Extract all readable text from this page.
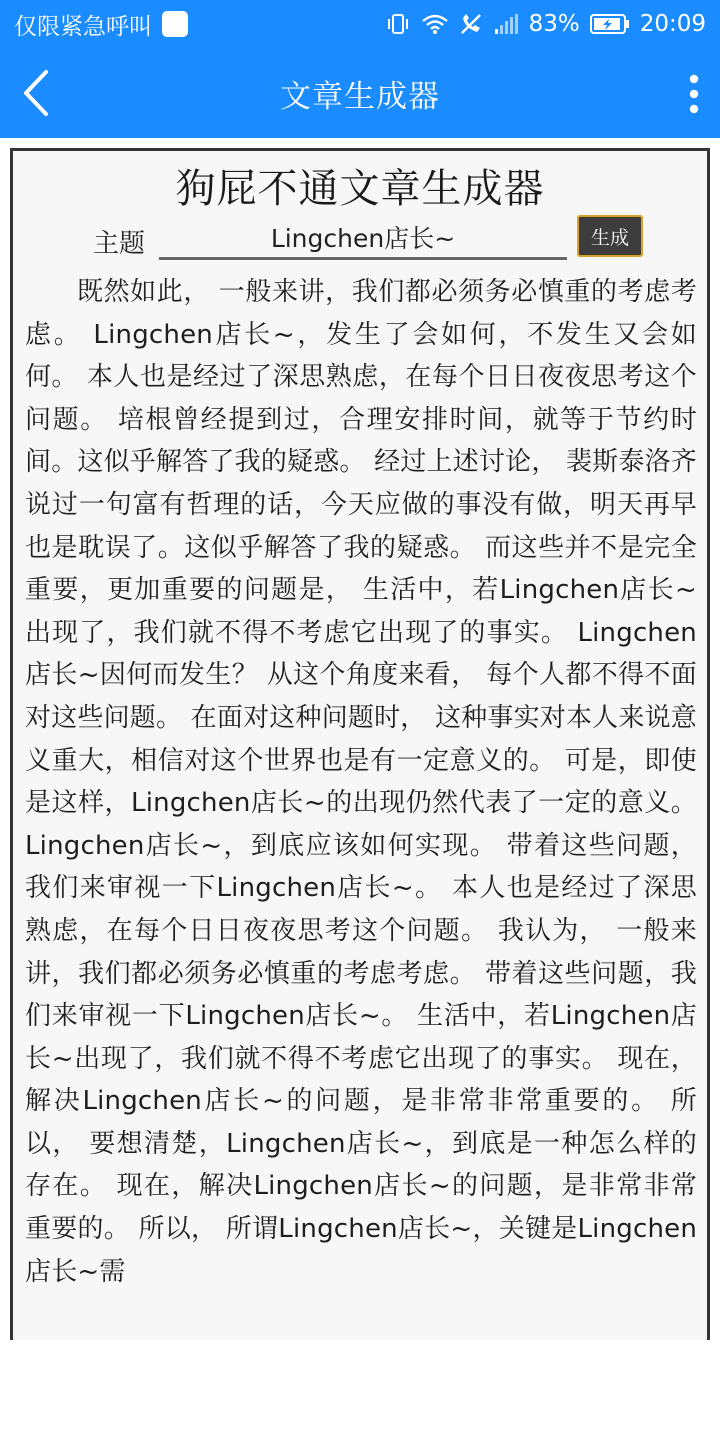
仅限紧急呼叫	83%	20:09
文章生成器
狗屁不通文章生成器
主题
Lingchen店长~	生成

既然如此， 一般来讲，我们都必须务必慎重的考虑考虑。 Lingchen店长~，发生了会如何，不发生又会如何。 本人也是经过了深思熟虑，在每个日日夜夜思考这个问题。 培根曾经提到过，合理安排时间，就等于节约时间。这似乎解答了我的疑惑。 经过上述讨论， 裴斯泰洛齐说过一句富有哲理的话，今天应做的事没有做，明天再早也是耽误了。这似乎解答了我的疑惑。 而这些并不是完全重要，更加重要的问题是， 生活中，若Lingchen店长~出现了，我们就不得不考虑它出现了的事实。 Lingchen店长~因何而发生？ 从这个角度来看， 每个人都不得不面对这些问题。 在面对这种问题时， 这种事实对本人来说意义重大，相信对这个世界也是有一定意义的。 可是，即使是这样，Lingchen店长~的出现仍然代表了一定的意义。 Lingchen店长~，到底应该如何实现。 带着这些问题，我们来审视一下Lingchen店长~。 本人也是经过了深思熟虑，在每个日日夜夜思考这个问题。 我认为， 一般来讲，我们都必须务必慎重的考虑考虑。 带着这些问题，我们来审视一下Lingchen店长~。 生活中，若Lingchen店长~出现了，我们就不得不考虑它出现了的事实。 现在，解决Lingchen店长~的问题，是非常非常重要的。 所以， 要想清楚，Lingchen店长~，到底是一种怎么样的存在。 现在，解决Lingchen店长~的问题，是非常非常重要的。 所以， 所谓Lingchen店长~，关键是Lingchen店长~需
